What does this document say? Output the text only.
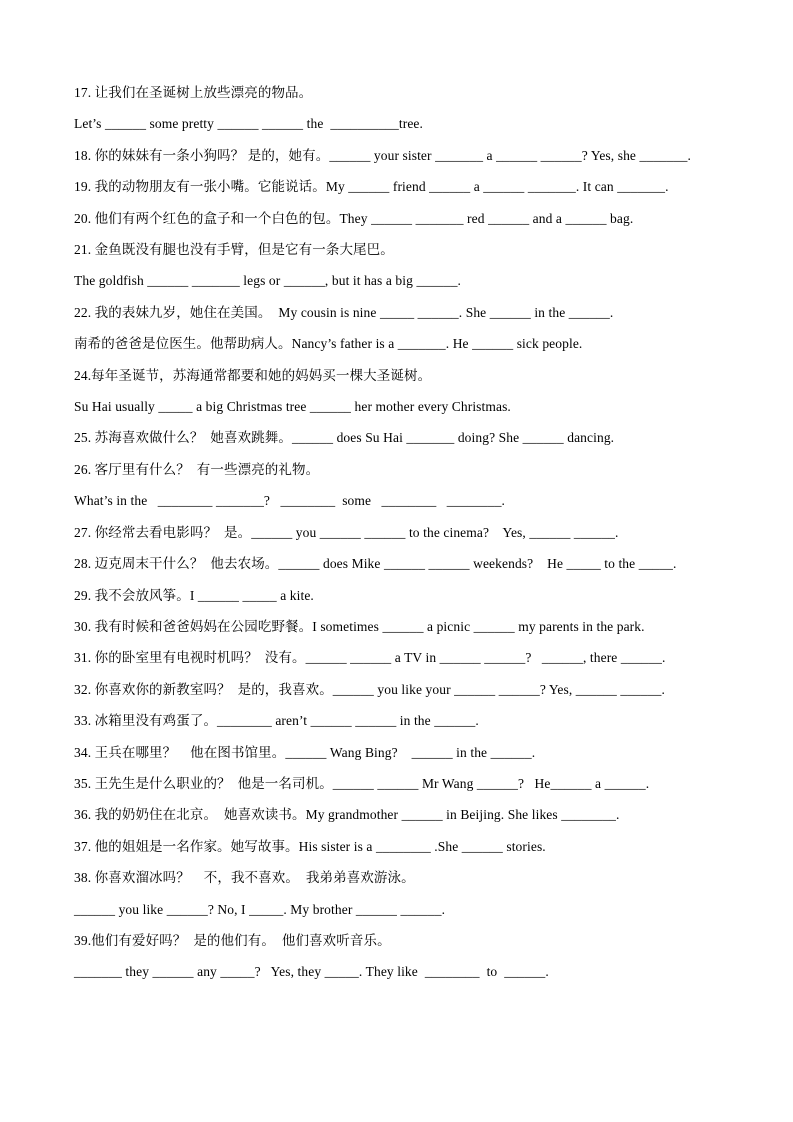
17. 让我们在圣诞树上放些漂亮的物品。

Let’s ______ some pretty ______ ______ the  __________tree.

18. 你的妹妹有一条小狗吗？ 是的，她有。______ your sister _______ a ______ ______? Yes, she _______.

19. 我的动物朋友有一张小嘴。它能说话。My ______ friend ______ a ______ _______. It can _______.

20. 他们有两个红色的盒子和一个白色的包。They ______ _______ red ______ and a ______ bag.

21. 金鱼既没有腿也没有手臂，但是它有一条大尾巴。

The goldfish ______ _______ legs or ______, but it has a big ______.

22. 我的表妹九岁，她住在美国。  My cousin is nine _____ ______. She ______ in the ______.

南希的爸爸是位医生。他帮助病人。Nancy’s father is a _______. He ______ sick people.

24.每年圣诞节，苏海通常都要和她的妈妈买一棵大圣诞树。

Su Hai usually _____ a big Christmas tree ______ her mother every Christmas.

25. 苏海喜欢做什么？  她喜欢跳舞。______ does Su Hai _______ doing? She ______ dancing.

26. 客厅里有什么？  有一些漂亮的礼物。

What’s in the   ________ _______?   ________  some   ________   ________.

27. 你经常去看电影吗？  是。______ you ______ ______ to the cinema?    Yes, ______ ______.

28. 迈克周末干什么？  他去农场。______ does Mike ______ ______ weekends?    He _____ to the _____.

29. 我不会放风筝。I ______ _____ a kite.

30. 我有时候和爸爸妈妈在公园吃野餐。I sometimes ______ a picnic ______ my parents in the park.

31. 你的卧室里有电视时机吗？  没有。______ ______ a TV in ______ ______?   ______, there ______.

32. 你喜欢你的新教室吗？  是的，我喜欢。______ you like your ______ ______? Yes, ______ ______.

33. 冰箱里没有鸡蛋了。________ aren’t ______ ______ in the ______.

34. 王兵在哪里？    他在图书馆里。______ Wang Bing?    ______ in the ______.

35. 王先生是什么职业的？  他是一名司机。______ ______ Mr Wang ______?   He______ a ______.

36. 我的奶奶住在北京。  她喜欢读书。My grandmother ______ in Beijing. She likes ________.

37. 他的姐姐是一名作家。她写故事。His sister is a ________ .She ______ stories.

38. 你喜欢溜冰吗？    不，我不喜欢。  我弟弟喜欢游泳。

______ you like ______? No, I _____. My brother ______ ______.

39.他们有爱好吗？  是的他们有。  他们喜欢听音乐。

_______ they ______ any _____?   Yes, they _____. They like  ________  to  ______.
